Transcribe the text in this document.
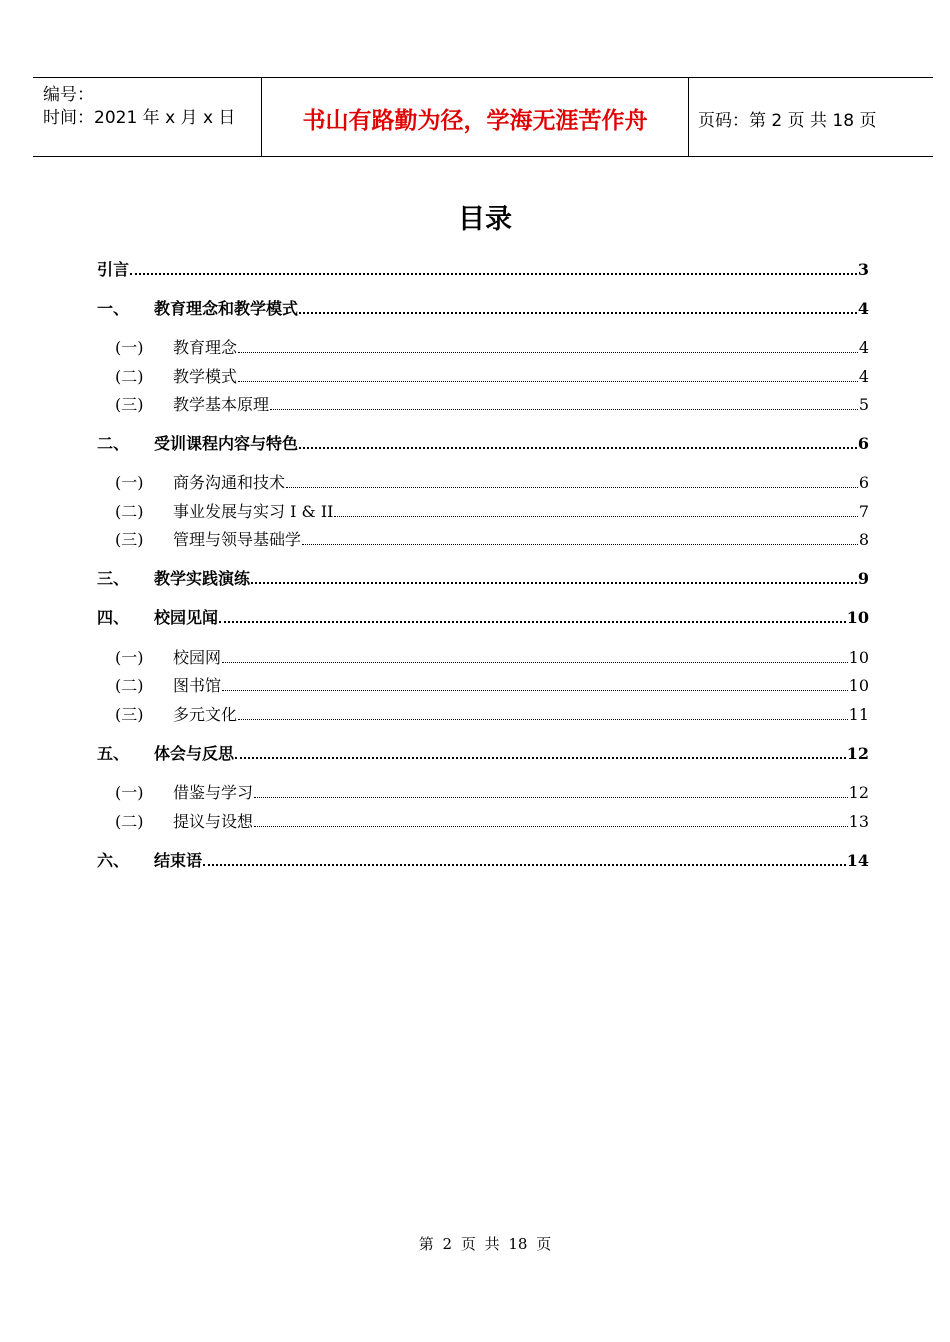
编号：
时间：2021 年 x 月 x 日	书山有路勤为径，学海无涯苦作舟	页码：第 2 页 共 18 页
目录
引言	3
一、	教育理念和教学模式	4
(一)	教育理念	4
(二)	教学模式	4
(三)	教学基本原理	5
二、	受训课程内容与特色	6
(一)	商务沟通和技术	6
(二)	事业发展与实习 I & II	7
(三)	管理与领导基础学	8
三、	教学实践演练	9
四、	校园见闻	10
(一)	校园网	10
(二)	图书馆	10
(三)	多元文化	11
五、	体会与反思	12
(一)	借鉴与学习	12
(二)	提议与设想	13
六、	结束语	14
第 2 页 共 18 页
